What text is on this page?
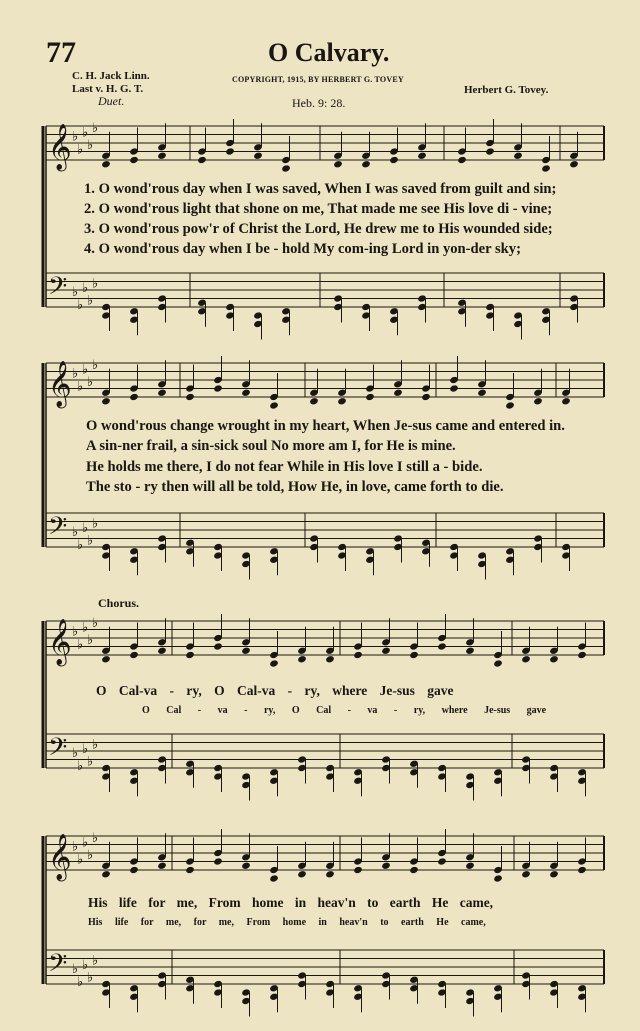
𝄞 ♭
♭
♭
♭
♭
𝄢 ♭
♭
♭
♭
♭
𝄞 ♭
♭
♭
♭
♭
𝄢 ♭
♭
♭
♭
♭
𝄞 ♭
♭
♭
♭
♭
𝄢 ♭
♭
♭
♭
♭
𝄞 ♭
♭
♭
♭
♭
𝄢 ♭
♭
♭
♭
♭
77	O Calvary.
C. H. Jack Linn.
Last v. H. G. T.
COPYRIGHT, 1915, BY HERBERT G. TOVEY
Herbert G. Tovey.
Duet.	Heb. 9: 28.
1. O wond'rous day when I was saved, When I was saved from guilt and sin;
2. O wond'rous light that shone on me, That made me see His love di - vine;
3. O wond'rous pow'r of Christ the Lord, He drew me to His wounded side;
4. O wond'rous day when I be - hold My com-ing Lord in yon-der sky;
O wond'rous change wrought in my heart, When Je-sus came and entered in.
A sin-ner frail, a sin-sick soul No more am I, for He is mine.
He holds me there, I do not fear While in His love I still a - bide.
The sto - ry then will all be told, How He, in love, came forth to die.
Chorus.
O Cal-va - ry, O Cal-va - ry, where Je-sus gave
O Cal - va - ry, O Cal - va - ry, where Je-sus gave
His life for me, From home in heav'n to earth He came,
His life for me, for me, From home in heav'n to earth He came,
